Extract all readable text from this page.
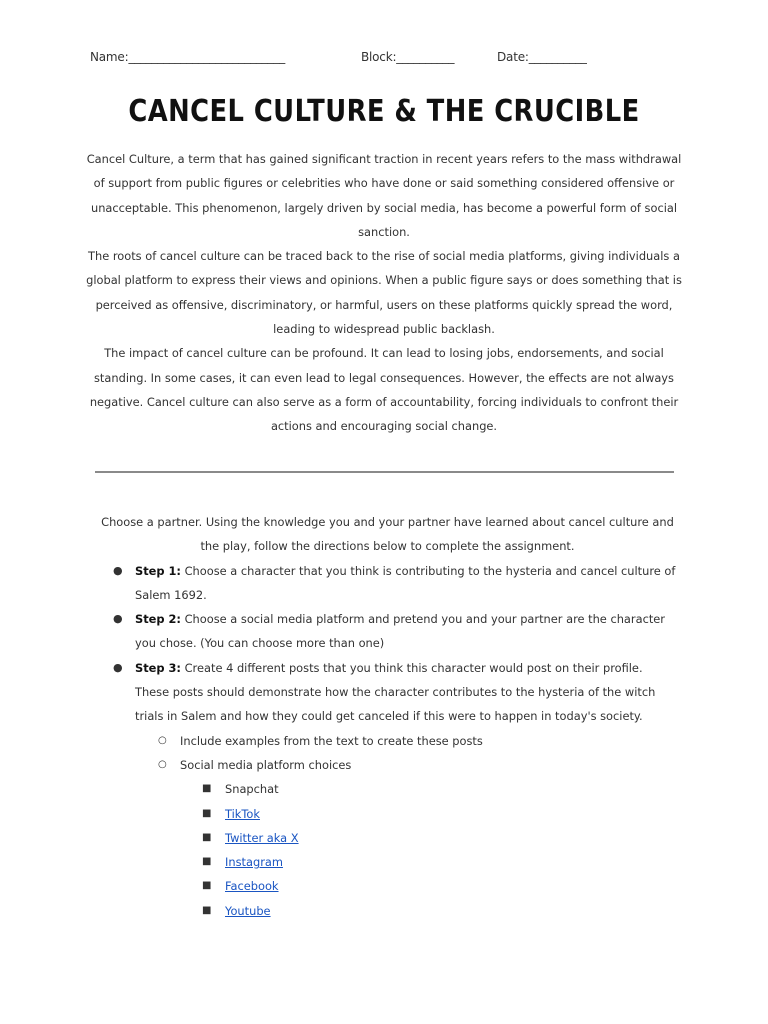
Name:___________________________	Block:__________	Date:__________
CANCEL CULTURE & THE CRUCIBLE

Cancel Culture, a term that has gained significant traction in recent years refers to the mass withdrawal of support from public figures or celebrities who have done or said something considered offensive or unacceptable. This phenomenon, largely driven by social media, has become a powerful form of social sanction.

The roots of cancel culture can be traced back to the rise of social media platforms, giving individuals a global platform to express their views and opinions. When a public figure says or does something that is perceived as offensive, discriminatory, or harmful, users on these platforms quickly spread the word, leading to widespread public backlash.

The impact of cancel culture can be profound. It can lead to losing jobs, endorsements, and social standing. In some cases, it can even lead to legal consequences. However, the effects are not always negative. Cancel culture can also serve as a form of accountability, forcing individuals to confront their actions and encouraging social change.

Choose a partner. Using the knowledge you and your partner have learned about cancel culture and the play, follow the directions below to complete the assignment.

● Step 1: Choose a character that you think is contributing to the hysteria and cancel culture of Salem 1692.
● Step 2: Choose a social media platform and pretend you and your partner are the character you chose. (You can choose more than one)
● Step 3: Create 4 different posts that you think this character would post on their profile. These posts should demonstrate how the character contributes to the hysteria of the witch trials in Salem and how they could get canceled if this were to happen in today's society.
○ Include examples from the text to create these posts
○ Social media platform choices
■ Snapchat
■ TikTok
■ Twitter aka X
■ Instagram
■ Facebook
■ Youtube
